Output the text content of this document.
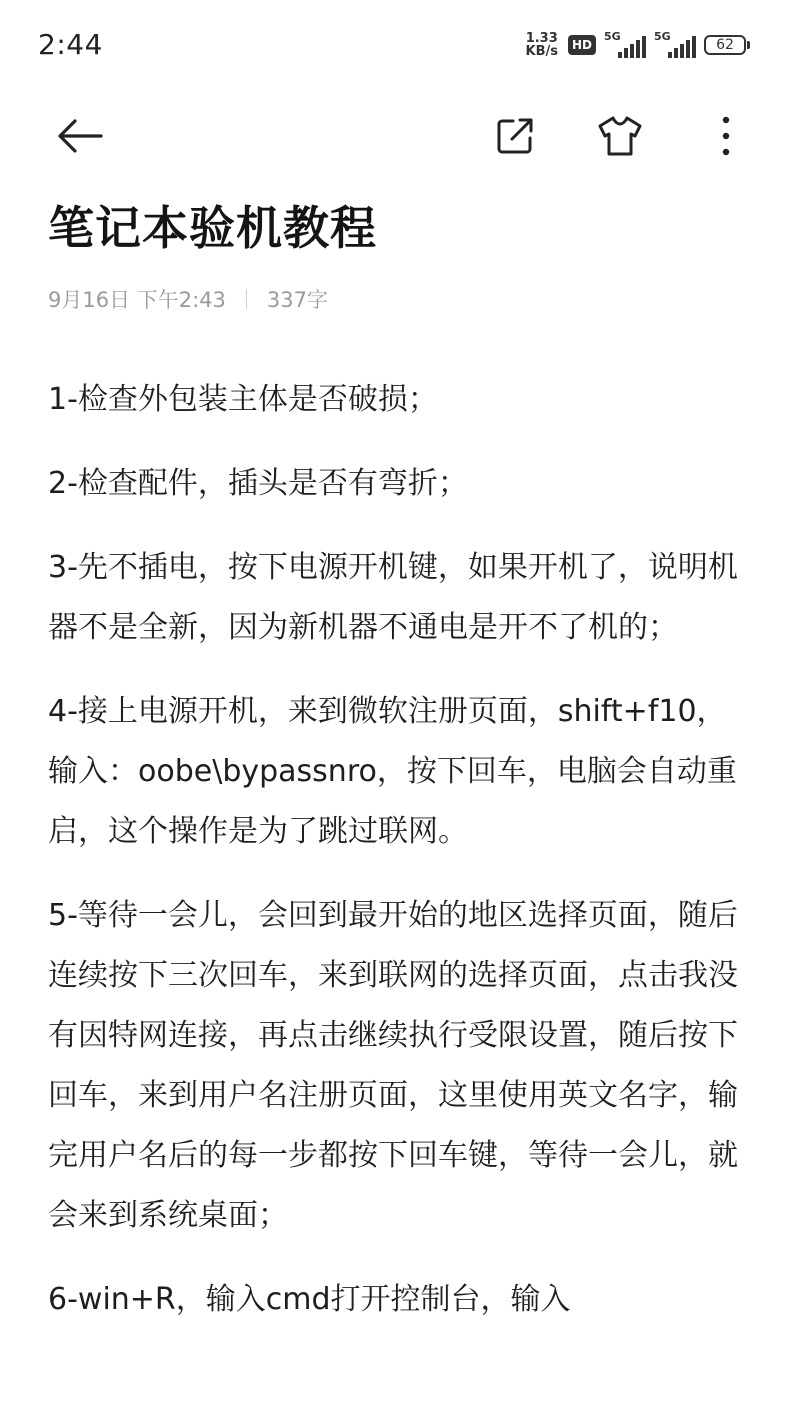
2:44	1.33
KB/s	HD
5G	5G
62
笔记本验机教程
9月16日 下午2:43 337字

1-检查外包装主体是否破损；

2-检查配件，插头是否有弯折；

3-先不插电，按下电源开机键，如果开机了，说明机器不是全新，因为新机器不通电是开不了机的；

4-接上电源开机，来到微软注册页面，shift+f10，输入：oobe\bypassnro，按下回车，电脑会自动重启，这个操作是为了跳过联网。

5-等待一会儿，会回到最开始的地区选择页面，随后连续按下三次回车，来到联网的选择页面，点击我没有因特网连接，再点击继续执行受限设置，随后按下回车，来到用户名注册页面，这里使用英文名字，输完用户名后的每一步都按下回车键，等待一会儿，就会来到系统桌面；

6-win+R，输入cmd打开控制台，输入
